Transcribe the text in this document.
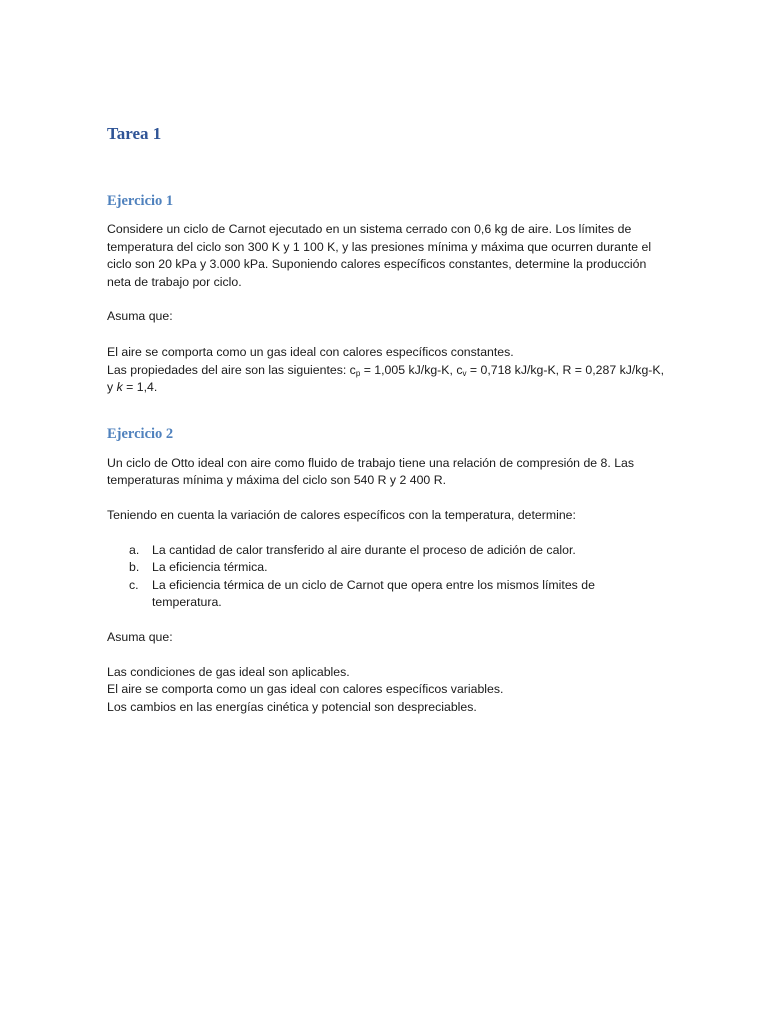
Tarea 1
Ejercicio 1

Considere un ciclo de Carnot ejecutado en un sistema cerrado con 0,6 kg de aire. Los límites de temperatura del ciclo son 300 K y 1 100 K, y las presiones mínima y máxima que ocurren durante el ciclo son 20 kPa y 3.000 kPa. Suponiendo calores específicos constantes, determine la producción neta de trabajo por ciclo.

Asuma que:

El aire se comporta como un gas ideal con calores específicos constantes.

Las propiedades del aire son las siguientes: $c_p = 1,005$ kJ/kg-K, $c_v = 0,718$ kJ/kg-K, R = 0,287 kJ/kg-K, y k = 1,4.

Ejercicio 2

Un ciclo de Otto ideal con aire como fluido de trabajo tiene una relación de compresión de 8. Las temperaturas mínima y máxima del ciclo son 540 R y 2 400 R.

Teniendo en cuenta la variación de calores específicos con la temperatura, determine:

a. La cantidad de calor transferido al aire durante el proceso de adición de calor.
b. La eficiencia térmica.
c. La eficiencia térmica de un ciclo de Carnot que opera entre los mismos límites de temperatura.

Asuma que:

Las condiciones de gas ideal son aplicables.

El aire se comporta como un gas ideal con calores específicos variables.

Los cambios en las energías cinética y potencial son despreciables.
